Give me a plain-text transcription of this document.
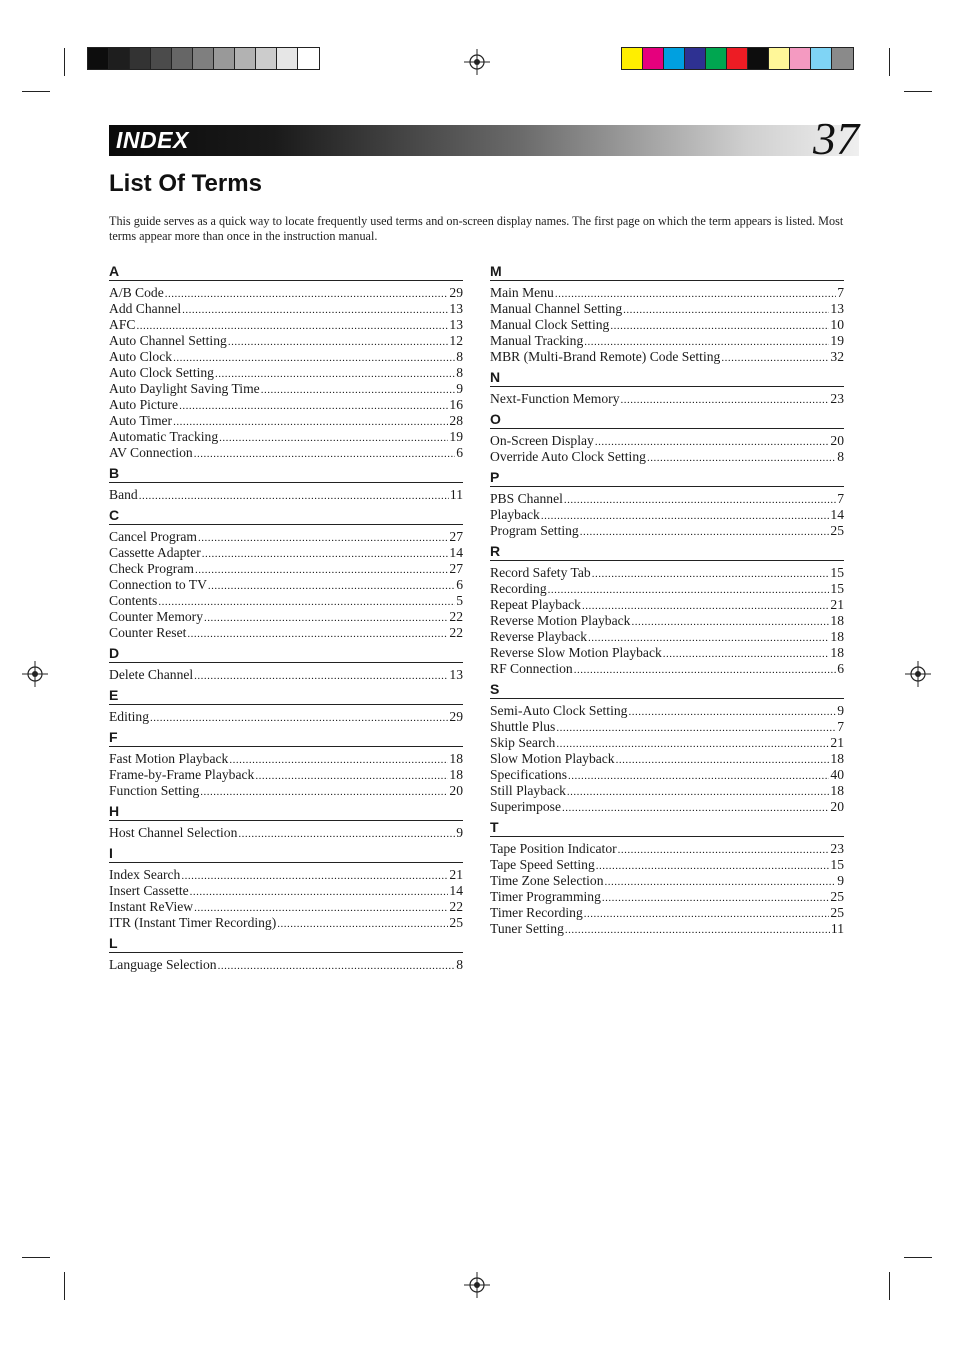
INDEX	37
List Of Terms
This guide serves as a quick way to locate frequently used terms and on-screen display names. The first page on which the term appears is listed. Most terms appear more than once in the instruction manual.
A
A/B Code .....	29
Add Channel .....	13
AFC .....	13
Auto Channel Setting .....	12
Auto Clock .....	8
Auto Clock Setting .....	8
Auto Daylight Saving Time .....	9
Auto Picture .....	16
Auto Timer .....	28
Automatic Tracking .....	19
AV Connection .....	6
B
Band .....	11
C
Cancel Program .....	27
Cassette Adapter .....	14
Check Program .....	27
Connection to TV .....	6
Contents .....	5
Counter Memory .....	22
Counter Reset .....	22
D
Delete Channel .....	13
E
Editing .....	29
F
Fast Motion Playback .....	18
Frame-by-Frame Playback .....	18
Function Setting .....	20
H
Host Channel Selection .....	9
I
Index Search .....	21
Insert Cassette .....	14
Instant ReView .....	22
ITR (Instant Timer Recording) .....	25
L
Language Selection .....	8
M
Main Menu .....	7
Manual Channel Setting .....	13
Manual Clock Setting .....	10
Manual Tracking .....	19
MBR (Multi-Brand Remote) Code Setting .....	32
N
Next-Function Memory .....	23
O
On-Screen Display .....	20
Override Auto Clock Setting .....	8
P
PBS Channel .....	7
Playback .....	14
Program Setting .....	25
R
Record Safety Tab .....	15
Recording .....	15
Repeat Playback .....	21
Reverse Motion Playback .....	18
Reverse Playback .....	18
Reverse Slow Motion Playback .....	18
RF Connection .....	6
S
Semi-Auto Clock Setting .....	9
Shuttle Plus .....	7
Skip Search .....	21
Slow Motion Playback .....	18
Specifications .....	40
Still Playback .....	18
Superimpose .....	20
T
Tape Position Indicator .....	23
Tape Speed Setting .....	15
Time Zone Selection .....	9
Timer Programming .....	25
Timer Recording .....	25
Tuner Setting .....	11
